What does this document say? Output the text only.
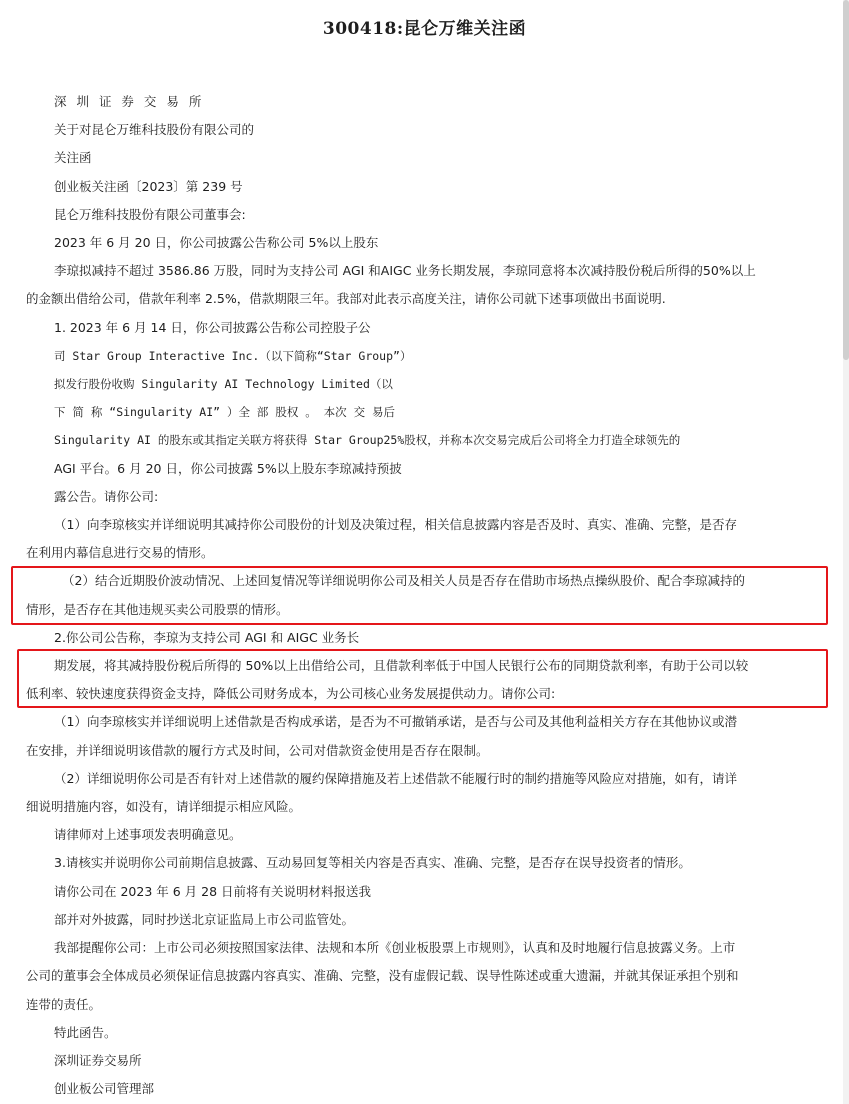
300418:昆仑万维关注函
深 圳 证 券 交 易 所
关于对昆仑万维科技股份有限公司的
关注函
创业板关注函〔2023〕第 239 号
昆仑万维科技股份有限公司董事会:
2023 年 6 月 20 日，你公司披露公告称公司 5%以上股东
李琼拟减持不超过 3586.86 万股，同时为支持公司 AGI 和AIGC 业务长期发展，李琼同意将本次减持股份税后所得的50%以上
的金额出借给公司，借款年利率 2.5%，借款期限三年。我部对此表示高度关注，请你公司就下述事项做出书面说明.
1. 2023 年 6 月 14 日，你公司披露公告称公司控股子公
司 Star Group Interactive Inc.（以下简称“Star Group”）
拟发行股份收购 Singularity AI Technology Limited（以
下 简 称 “Singularity AI” ）全 部 股权 。 本次 交 易后
Singularity AI 的股东或其指定关联方将获得 Star Group25%股权，并称本次交易完成后公司将全力打造全球领先的
AGI 平台。6 月 20 日，你公司披露 5%以上股东李琼减持预披
露公告。请你公司:
（1）向李琼核实并详细说明其减持你公司股份的计划及决策过程，相关信息披露内容是否及时、真实、准确、完整，是否存
在利用内幕信息进行交易的情形。
（2）结合近期股价波动情况、上述回复情况等详细说明你公司及相关人员是否存在借助市场热点操纵股价、配合李琼减持的
情形，是否存在其他违规买卖公司股票的情形。
2.你公司公告称，李琼为支持公司 AGI 和 AIGC 业务长
期发展，将其减持股份税后所得的 50%以上出借给公司，且借款利率低于中国人民银行公布的同期贷款利率，有助于公司以较
低利率、较快速度获得资金支持，降低公司财务成本，为公司核心业务发展提供动力。请你公司:
（1）向李琼核实并详细说明上述借款是否构成承诺，是否为不可撤销承诺，是否与公司及其他利益相关方存在其他协议或潜
在安排，并详细说明该借款的履行方式及时间，公司对借款资金使用是否存在限制。
（2）详细说明你公司是否有针对上述借款的履约保障措施及若上述借款不能履行时的制约措施等风险应对措施，如有，请详
细说明措施内容，如没有，请详细提示相应风险。
请律师对上述事项发表明确意见。
3.请核实并说明你公司前期信息披露、互动易回复等相关内容是否真实、准确、完整，是否存在误导投资者的情形。
请你公司在 2023 年 6 月 28 日前将有关说明材料报送我
部并对外披露，同时抄送北京证监局上市公司监管处。
我部提醒你公司：上市公司必须按照国家法律、法规和本所《创业板股票上市规则》，认真和及时地履行信息披露义务。上市
公司的董事会全体成员必须保证信息披露内容真实、准确、完整，没有虚假记载、误导性陈述或重大遗漏，并就其保证承担个别和
连带的责任。
特此函告。
深圳证券交易所
创业板公司管理部
